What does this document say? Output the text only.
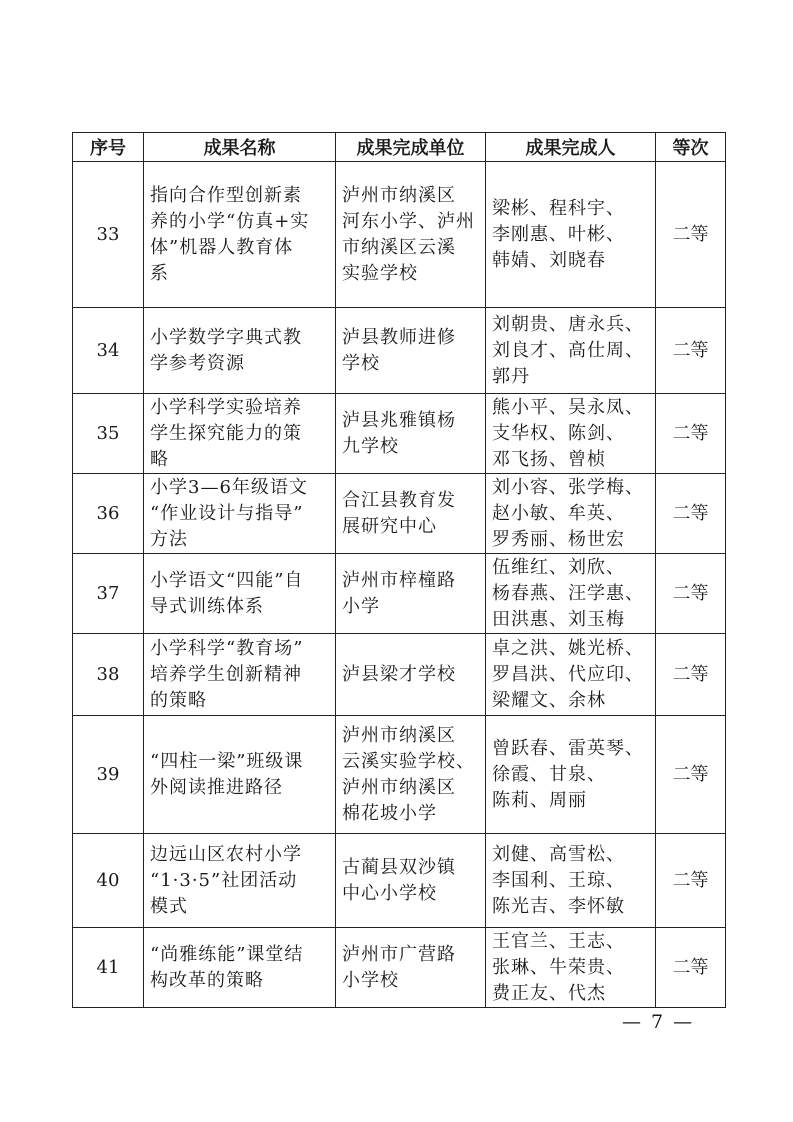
序号	成果名称	成果完成单位	成果完成人	等次
33	指向合作型创新素
养的小学“仿真+实
体”机器人教育体
系	泸州市纳溪区
河东小学、泸州
市纳溪区云溪
实验学校	梁彬、程科宇、
李刚惠、叶彬、
韩婧、刘晓春	二等
34	小学数学字典式教
学参考资源	泸县教师进修
学校	刘朝贵、唐永兵、
刘良才、高仕周、
郭丹	二等
35	小学科学实验培养
学生探究能力的策
略	泸县兆雅镇杨
九学校	熊小平、吴永凤、
支华权、陈剑、
邓飞扬、曾桢	二等
36	小学3—6年级语文
“作业设计与指导”
方法	合江县教育发
展研究中心	刘小容、张学梅、
赵小敏、牟英、
罗秀丽、杨世宏	二等
37	小学语文“四能”自
导式训练体系	泸州市梓橦路
小学	伍维红、刘欣、
杨春燕、汪学惠、
田洪惠、刘玉梅	二等
38	小学科学“教育场”
培养学生创新精神
的策略	泸县梁才学校	卓之洪、姚光桥、
罗昌洪、代应印、
梁耀文、余林	二等
39	“四柱一梁”班级课
外阅读推进路径	泸州市纳溪区
云溪实验学校、
泸州市纳溪区
棉花坡小学	曾跃春、雷英琴、
徐霞、甘泉、
陈莉、周丽	二等
40	边远山区农村小学
“1·3·5”社团活动
模式	古蔺县双沙镇
中心小学校	刘健、高雪松、
李国利、王琼、
陈光吉、李怀敏	二等
41	“尚雅练能”课堂结
构改革的策略	泸州市广营路
小学校	王官兰、王志、
张琳、牛荣贵、
费正友、代杰	二等
— 7 —
